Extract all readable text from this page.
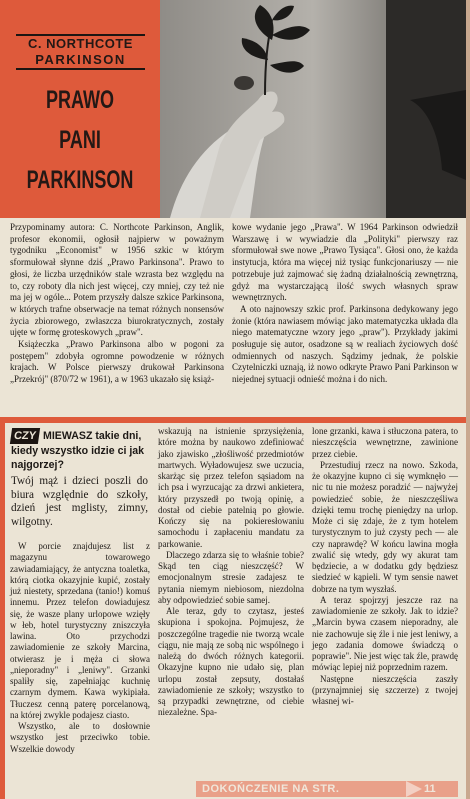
C. NORTHCOTE
PARKINSON
PRAWO
PANI
PARKINSON

Przypominamy autora: C. Northcote Parkinson, Anglik, profesor ekonomii, ogłosił najpierw w poważnym tygodniku „Economist" w 1956 szkic w którym sformułował słynne dziś „Prawo Parkinsona". Prawo to głosi, że liczba urzędników stale wzrasta bez względu na to, czy roboty dla nich jest więcej, czy mniej, czy też nie ma jej w ogóle... Potem przyszły dalsze szkice Parkinsona, w których trafne obserwacje na temat różnych nonsensów życia zbiorowego, zwłaszcza biurokratycznych, zostały ujęte w formę groteskowych „praw".

Książeczka „Prawo Parkinsona albo w pogoni za postępem" zdobyła ogromne powodzenie w różnych krajach. W Polsce pierwszy drukował Parkinsona „Przekrój" (870/72 w 1961), a w 1963 ukazało się książ-

kowe wydanie jego „Prawa". W 1964 Parkinson odwiedził Warszawę i w wywiadzie dla „Polityki" pierwszy raz sformułował swe nowe „Prawo Tysiąca". Głosi ono, że każda instytucja, która ma więcej niż tysiąc funkcjonariuszy — nie potrzebuje już zajmować się żadną działalnością zewnętrzną, gdyż ma wystarczającą ilość swych własnych spraw wewnętrznych.

A oto najnowszy szkic prof. Parkinsona dedykowany jego żonie (która nawiasem mówiąc jako matematyczka układa dla niego matematyczne wzory jego „praw"). Przykłady jakimi posługuje się autor, osadzone są w realiach życiowych dość odmiennych od naszych. Sądzimy jednak, że polskie Czytelniczki uznają, iż nowo odkryte Prawo Pani Parkinson w niejednej sytuacji odnieść można i do nich.

CZY MIEWASZ takie dni, kiedy wszystko idzie ci jak najgorzej?
Twój mąż i dzieci poszli do biura względnie do szkoły, dzień jest mglisty, zimny, wilgotny.

W porcie znajdujesz list z magazynu towarowego zawiadamiający, że antyczna toaletka, którą ciotka okazyjnie kupić, zostały już niestety, sprzedana (tanio!) komuś innemu. Przez telefon dowiadujesz się, że wasze plany urlopowe wzięły w łeb, hotel turystyczny zniszczyła lawina. Oto przychodzi zawiadomienie ze szkoły Marcina, otwierasz je i męża ci słowa „nieporadny" i „leniwy". Grzanki spaliły się, zapełniając kuchnię czarnym dymem. Kawa wykipiała. Tłuczesz cenną paterę porcelanową, na której zwykle podajesz ciasto.

Wszystko, ale to dosłownie wszystko jest przeciwko tobie. Wszelkie dowody

wskazują na istnienie sprzysiężenia, które można by naukowo zdefiniować jako zjawisko „złośliwość przedmiotów martwych. Wyładowujesz swe uczucia, skarżąc się przez telefon sąsiadom na ich psa i wyrzucając za drzwi ankietera, który przyszedł po twoją opinię, a dostał od ciebie patelnią po głowie. Kończy się na pokieresłowaniu samochodu i zapłaceniu mandatu za parkowanie.

Dlaczego zdarza się to właśnie tobie? Skąd ten ciąg nieszczęść? W emocjonalnym stresie zadajesz te pytania niemym niebiosom, niezdolna aby odpowiedzieć sobie samej.

Ale teraz, gdy to czytasz, jesteś skupiona i spokojna. Pojmujesz, że poszczególne tragedie nie tworzą wcale ciągu, nie mają ze sobą nic wspólnego i należą do dwóch różnych kategorii. Okazyjne kupno nie udało się, plan urlopu został zepsuty, dostałaś zawiadomienie ze szkoły; wszystko to są przypadki zewnętrzne, od ciebie niezależne. Spa-

lone grzanki, kawa i stłuczona patera, to nieszczęścia wewnętrzne, zawinione przez ciebie.

Przestudiuj rzecz na nowo. Szkoda, że okazyjne kupno ci się wymknęło — nic tu nie możesz poradzić — najwyżej powiedzieć sobie, że nieszczęśliwa dzięki temu trochę pieniędzy na urlop. Może ci się zdaje, że z tym hotelem turystycznym to już czysty pech — ale czy naprawdę? W końcu lawina mogła zwalić się wtedy, gdy wy akurat tam będziecie, a w dodatku gdy będziesz siedzieć w kąpieli. W tym sensie nawet dobrze na tym wyszłaś.

A teraz spojrzyj jeszcze raz na zawiadomienie ze szkoły. Jak to idzie? „Marcin bywa czasem nieporadny, ale nie zachowuje się źle i nie jest leniwy, a jego zadania domowe świadczą o poprawie". Nie jest więc tak źle, prawdę mówiąc lepiej niż poprzednim razem.

Następne nieszczęścia zaszły (przynajmniej się szczerze) z twojej własnej wi-

DOKOŃCZENIE NA STR.	11
